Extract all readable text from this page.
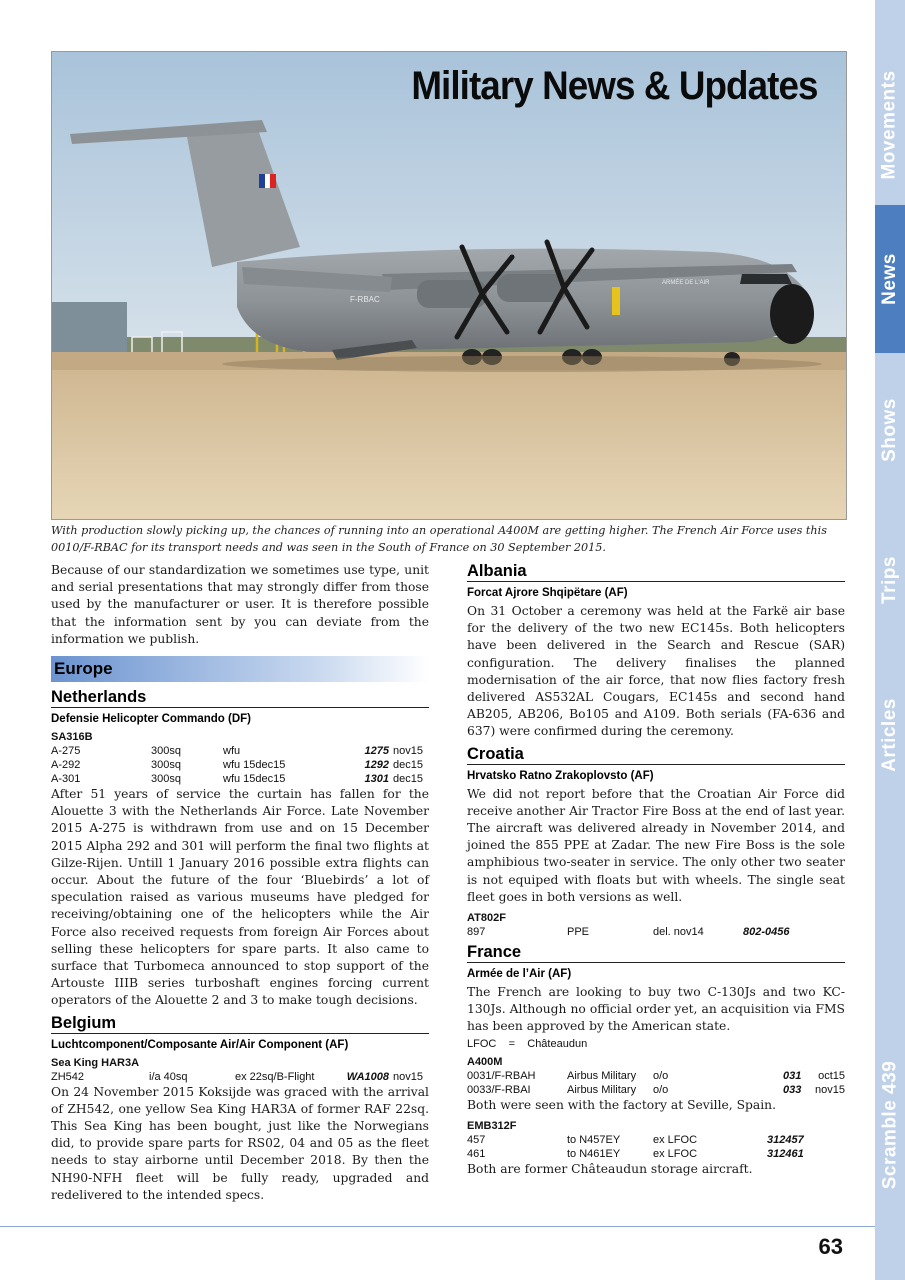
Movements
News
Shows
Trips
Articles
Scramble 439
F-RBAC
ARMÉE DE L'AIR
Military News & Updates
With production slowly picking up, the chances of running into an operational A400M are getting higher. The French Air Force uses this 0010/F-RBAC for its transport needs and was seen in the South of France on 30 September 2015.

Because of our standardization we sometimes use type, unit and serial presentations that may strongly differ from those used by the manufacturer or user. It is therefore possible that the information sent by you can deviate from the information we publish.

Europe
Netherlands
Defensie Helicopter Commando (DF)
SA316B
A-275	300sq	wfu	1275	nov15
A-292	300sq	wfu 15dec15	1292	dec15
A-301	300sq	wfu 15dec15	1301	dec15

After 51 years of service the curtain has fallen for the Alouette 3 with the Netherlands Air Force. Late November 2015 A-275 is withdrawn from use and on 15 December 2015 Alpha 292 and 301 will perform the final two flights at Gilze-Rijen. Untill 1 January 2016 possible extra flights can occur. About the future of the four ‘Bluebirds’ a lot of speculation raised as various museums have pledged for receiving/obtaining one of the helicopters while the Air Force also received requests from foreign Air Forces about selling these helicopters for spare parts. It also came to surface that Turbomeca announced to stop support of the Artouste IIIB series turboshaft engines forcing current operators of the Alouette 2 and 3 to make tough decisions.

Belgium
Luchtcomponent/Composante Air/Air Component (AF)
Sea King HAR3A
ZH542	i/a 40sq	ex 22sq/B-Flight	WA1008	nov15

On 24 November 2015 Koksijde was graced with the arrival of ZH542, one yellow Sea King HAR3A of former RAF 22sq. This Sea King has been bought, just like the Norwegians did, to provide spare parts for RS02, 04 and 05 as the fleet needs to stay airborne until December 2018. By then the NH90-NFH fleet will be fully ready, upgraded and redelivered to the intended specs.

Albania
Forcat Ajrore Shqipëtare (AF)

On 31 October a ceremony was held at the Farkë air base for the delivery of the two new EC145s. Both helicopters have been delivered in the Search and Rescue (SAR) configuration. The delivery finalises the planned modernisation of the air force, that now flies factory fresh delivered AS532AL Cougars, EC145s and second hand AB205, AB206, Bo105 and A109. Both serials (FA-636 and 637) were confirmed during the ceremony.

Croatia
Hrvatsko Ratno Zrakoplovsto (AF)

We did not report before that the Croatian Air Force did receive another Air Tractor Fire Boss at the end of last year. The aircraft was delivered already in November 2014, and joined the 855 PPE at Zadar. The new Fire Boss is the sole amphibious two-seater in service. The only other two seater is not equiped with floats but with wheels. The single seat fleet goes in both versions as well.

AT802F
897	PPE	del. nov14	802-0456	
France
Armée de l’Air (AF)

The French are looking to buy two C-130Js and two KC-130Js. Although no official order yet, an acquisition via FMS has been approved by the American state.

LFOC = Châteaudun
A400M
0031/F-RBAH	Airbus Military	o/o	031	oct15
0033/F-RBAI	Airbus Military	o/o	033	nov15

Both were seen with the factory at Seville, Spain.

EMB312F
457	to N457EY	ex LFOC	312457	
461	to N461EY	ex LFOC	312461	

Both are former Châteaudun storage aircraft.

63
